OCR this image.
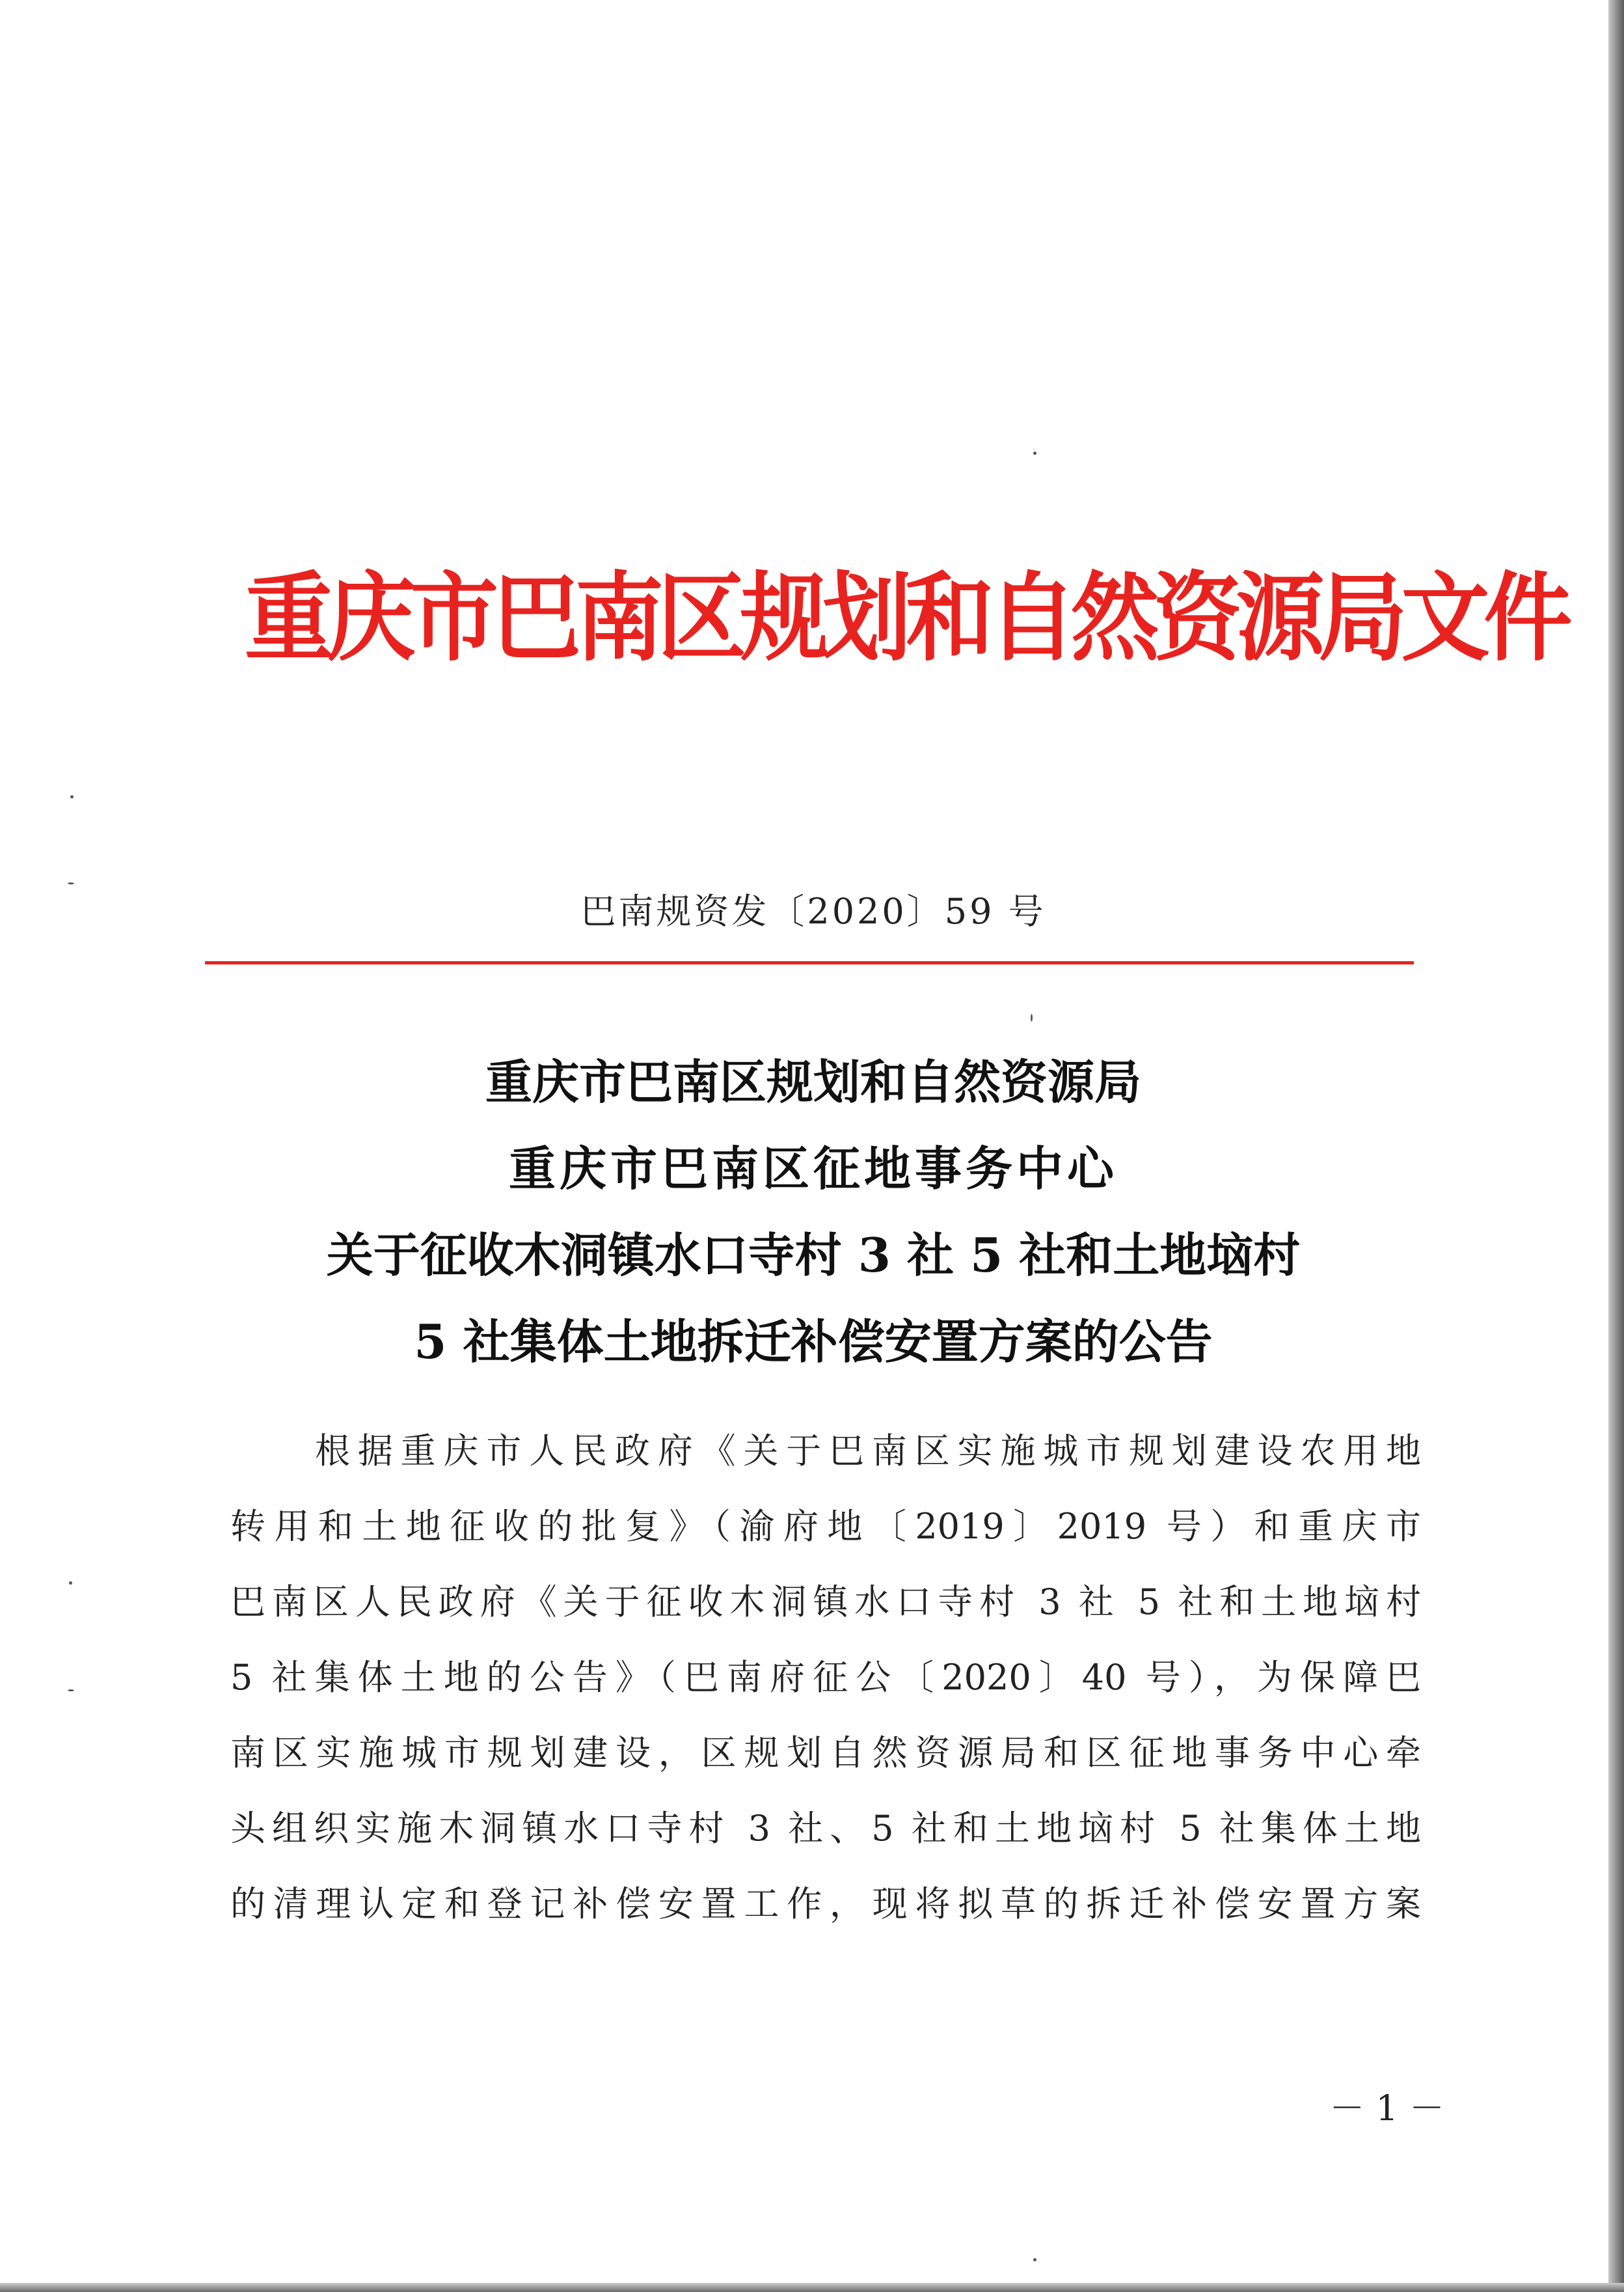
重庆市巴南区规划和自然资源局文件
巴南规资发〔2020〕59 号
重庆市巴南区规划和自然资源局
重庆市巴南区征地事务中心
关于征收木洞镇水口寺村 3 社 5 社和土地垴村
5 社集体土地拆迁补偿安置方案的公告
根据重庆市人民政府《关于巴南区实施城市规划建设农用地
转用和土地征收的批复》（渝府地〔2019〕2019 号）和重庆市
巴南区人民政府《关于征收木洞镇水口寺村 3 社 5 社和土地垴村
5 社集体土地的公告》（巴南府征公〔2020〕40 号），为保障巴
南区实施城市规划建设，区规划自然资源局和区征地事务中心牵
头组织实施木洞镇水口寺村 3 社、5 社和土地垴村 5 社集体土地
的清理认定和登记补偿安置工作，现将拟草的拆迁补偿安置方案
－ 1 －
